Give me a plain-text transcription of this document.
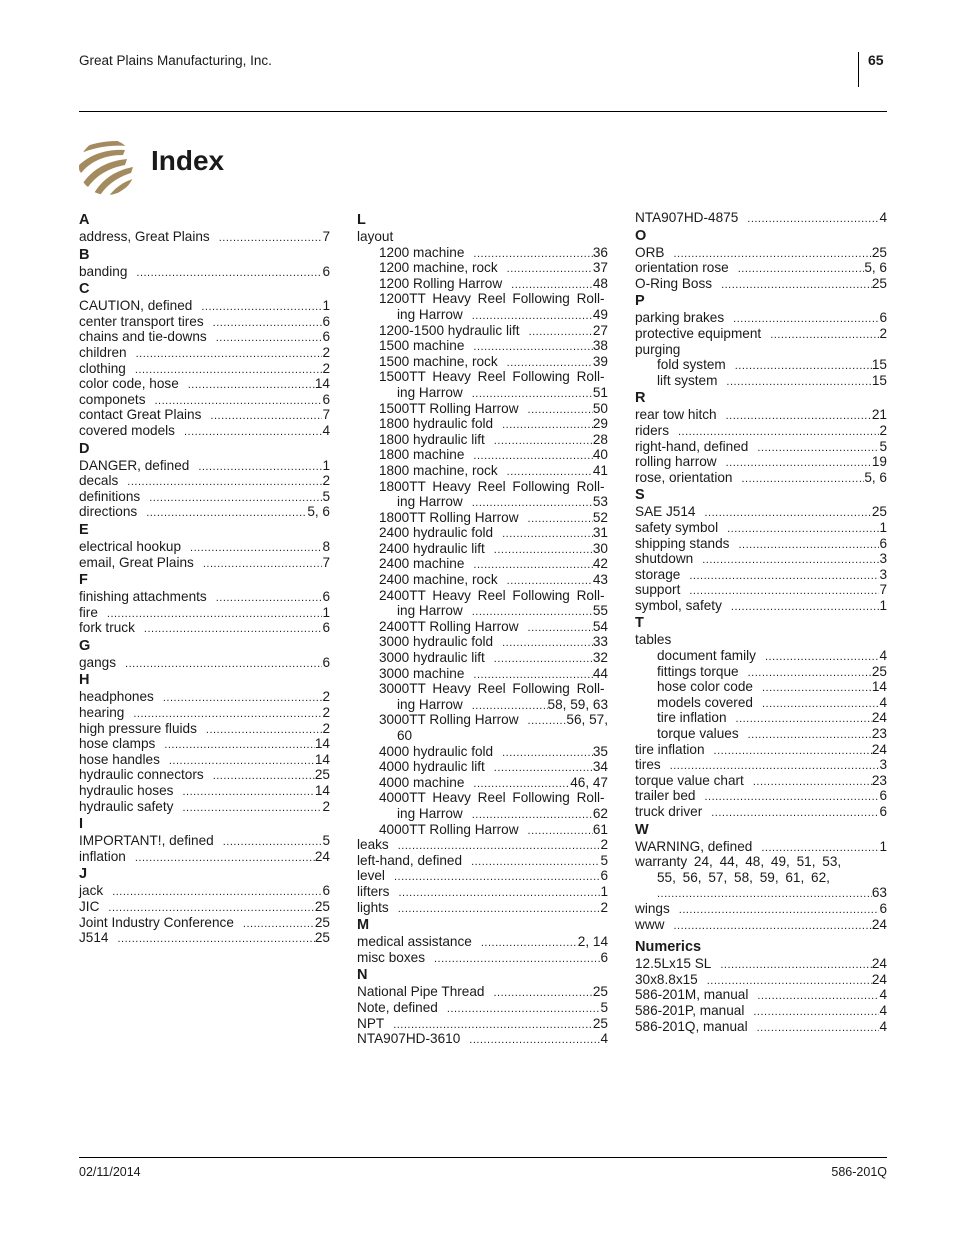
Great Plains Manufacturing, Inc.	65
Index
A
address, Great Plains .....	7
B
banding .....	6
C
CAUTION, defined .....	1
center transport tires .....	6
chains and tie-downs .....	6
children .....	2
clothing .....	2
color code, hose .....	14
componets .....	6
contact Great Plains .....	7
covered models .....	4
D
DANGER, defined .....	1
decals .....	2
definitions .....	5
directions .....	5, 6
E
electrical hookup .....	8
email, Great Plains .....	7
F
finishing attachments .....	6
fire .....	1
fork truck .....	6
G
gangs .....	6
H
headphones .....	2
hearing .....	2
high pressure fluids .....	2
hose clamps .....	14
hose handles .....	14
hydraulic connectors .....	25
hydraulic hoses .....	14
hydraulic safety .....	2
I
IMPORTANT!, defined .....	5
inflation .....	24
J
jack .....	6
JIC .....	25
Joint Industry Conference .....	25
J514 .....	25
L
layout
1200 machine .....	36
1200 machine, rock .....	37
1200 Rolling Harrow .....	48
1200TT Heavy Reel Following Roll-
ing Harrow .....	49
1200-1500 hydraulic lift .....	27
1500 machine .....	38
1500 machine, rock .....	39
1500TT Heavy Reel Following Roll-
ing Harrow .....	51
1500TT Rolling Harrow .....	50
1800 hydraulic fold .....	29
1800 hydraulic lift .....	28
1800 machine .....	40
1800 machine, rock .....	41
1800TT Heavy Reel Following Roll-
ing Harrow .....	53
1800TT Rolling Harrow .....	52
2400 hydraulic fold .....	31
2400 hydraulic lift .....	30
2400 machine .....	42
2400 machine, rock .....	43
2400TT Heavy Reel Following Roll-
ing Harrow .....	55
2400TT Rolling Harrow .....	54
3000 hydraulic fold .....	33
3000 hydraulic lift .....	32
3000 machine .....	44
3000TT Heavy Reel Following Roll-
ing Harrow .....	58, 59, 63
3000TT Rolling Harrow .....	56, 57,
60
4000 hydraulic fold .....	35
4000 hydraulic lift .....	34
4000 machine .....	46, 47
4000TT Heavy Reel Following Roll-
ing Harrow .....	62
4000TT Rolling Harrow .....	61
leaks .....	2
left-hand, defined .....	5
level .....	6
lifters .....	1
lights .....	2
M
medical assistance .....	2, 14
misc boxes .....	6
N
National Pipe Thread .....	25
Note, defined .....	5
NPT .....	25
NTA907HD-3610 .....	4
NTA907HD-4875 .....	4
O
ORB .....	25
orientation rose .....	5, 6
O-Ring Boss .....	25
P
parking brakes .....	6
protective equipment .....	2
purging
fold system .....	15
lift system .....	15
R
rear tow hitch .....	21
riders .....	2
right-hand, defined .....	5
rolling harrow .....	19
rose, orientation .....	5, 6
S
SAE J514 .....	25
safety symbol .....	1
shipping stands .....	6
shutdown .....	3
storage .....	3
support .....	7
symbol, safety .....	1
T
tables
document family .....	4
fittings torque .....	25
hose color code .....	14
models covered .....	4
tire inflation .....	24
torque values .....	23
tire inflation .....	24
tires .....	3
torque value chart .....	23
trailer bed .....	6
truck driver .....	6
W
WARNING, defined .....	1
warranty 24, 44, 48, 49, 51, 53,
55, 56, 57, 58, 59, 61, 62,
.....
63
wings .....	6
www .....	24
Numerics
12.5Lx15 SL .....	24
30x8.8x15 .....	24
586-201M, manual .....	4
586-201P, manual .....	4
586-201Q, manual .....	4
02/11/2014	586-201Q
